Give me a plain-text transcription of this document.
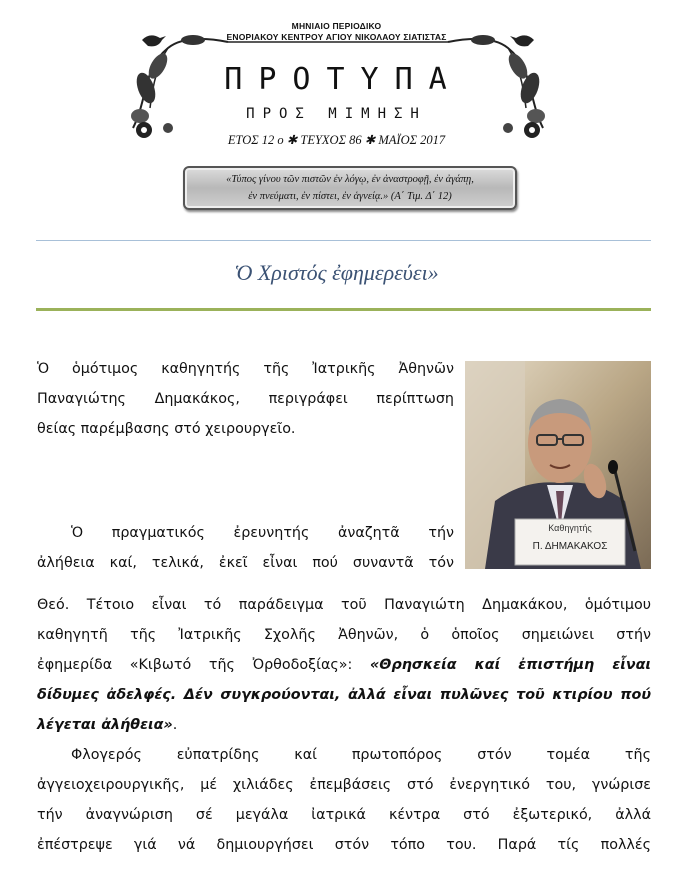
ΜΗΝΙΑΙΟ ΠΕΡΙΟΔΙΚΟ
ΕΝΟΡΙΑΚΟΥ ΚΕΝΤΡΟΥ ΑΓΙΟΥ ΝΙΚΟΛΑΟΥ ΣΙΑΤΙΣΤΑΣ
ΠΡΟΤΥΠΑ
ΠΡΟΣ ΜΙΜΗΣΗ
ΕΤΟΣ 12 ο ✱ ΤΕΥΧΟΣ 86 ✱ ΜΑΪΟΣ 2017
«Τύπος γίνου τῶν πιστῶν ἐν λόγῳ, ἐν ἀναστροφῇ, ἐν ἀγάπῃ,
ἐν πνεύματι, ἐν πίστει, ἐν ἁγνείᾳ.» (Α΄ Τιμ. Δ΄ 12)
Ὁ Χριστός ἐφημερεύει»
Καθηγητής
Π. ΔΗΜΑΚΑΚΟΣ
Ὁ ὁμότιμος καθηγητής τῆς Ἰατρικῆς Ἀθηνῶν
Παναγιώτης Δημακάκος, περιγράφει περίπτωση
θείας παρέμβασης στό χειρουργεῖο.
Ὁ πραγματικός ἐρευνητής ἀναζητᾶ τήν
ἀλήθεια καί, τελικά, ἐκεῖ εἶναι πού συναντᾶ τόν
Θεό. Τέτοιο εἶναι τό παράδειγμα τοῦ Παναγιώτη Δημακάκου, ὁμότιμου
καθηγητῆ τῆς Ἰατρικῆς Σχολῆς Ἀθηνῶν, ὁ ὁποῖος σημειώνει στήν
ἐφημερίδα «Κιβωτό τῆς Ὀρθοδοξίας»: «Θρησκεία καί ἐπιστήμη εἶναι
δίδυμες ἀδελφές. Δέν συγκρούονται, ἀλλά εἶναι πυλῶνες τοῦ κτιρίου πού
λέγεται ἀλήθεια».
Φλογερός εὐπατρίδης καί πρωτοπόρος στόν τομέα τῆς
ἀγγειοχειρουργικῆς, μέ χιλιάδες ἐπεμβάσεις στό ἐνεργητικό του, γνώρισε
τήν ἀναγνώριση σέ μεγάλα ἰατρικά κέντρα στό ἐξωτερικό, ἀλλά
ἐπέστρεψε γιά νά δημιουργήσει στόν τόπο του. Παρά τίς πολλές
